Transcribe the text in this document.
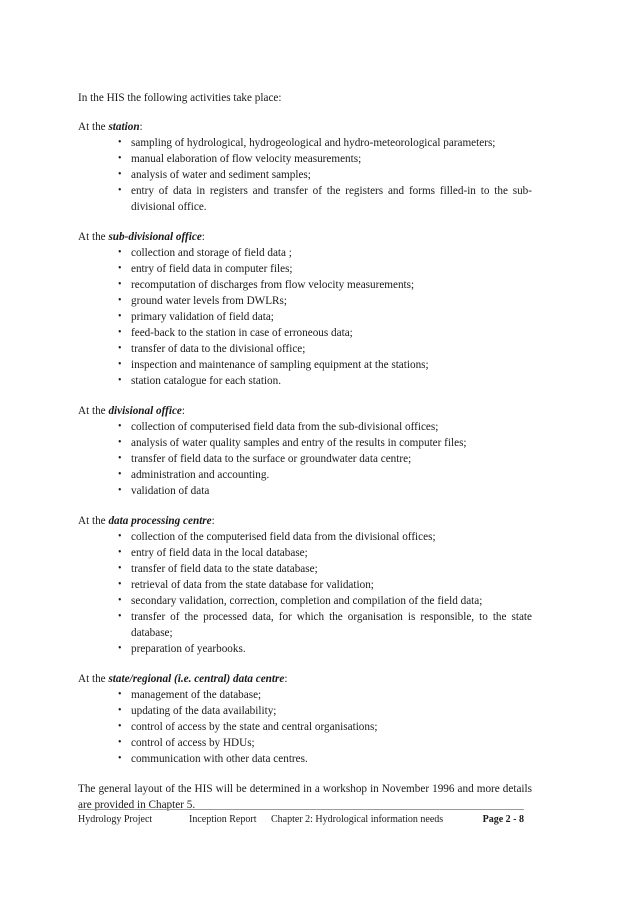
In the HIS the following activities take place:

At the station:

• sampling of hydrological, hydrogeological and hydro-meteorological parameters;
• manual elaboration of flow velocity measurements;
• analysis of water and sediment samples;
• entry of data in registers and transfer of the registers and forms filled-in to the sub-divisional office.

At the sub-divisional office:

• collection and storage of field data ;
• entry of field data in computer files;
• recomputation of discharges from flow velocity measurements;
• ground water levels from DWLRs;
• primary validation of field data;
• feed-back to the station in case of erroneous data;
• transfer of data to the divisional office;
• inspection and maintenance of sampling equipment at the stations;
• station catalogue for each station.

At the divisional office:

• collection of computerised field data from the sub-divisional offices;
• analysis of water quality samples and entry of the results in computer files;
• transfer of field data to the surface or groundwater data centre;
• administration and accounting.
• validation of data

At the data processing centre:

• collection of the computerised field data from the divisional offices;
• entry of field data in the local database;
• transfer of field data to the state database;
• retrieval of data from the state database for validation;
• secondary validation, correction, completion and compilation of the field data;
• transfer of the processed data, for which the organisation is responsible, to the state database;
• preparation of yearbooks.

At the state/regional (i.e. central) data centre:

• management of the database;
• updating of the data availability;
• control of access by the state and central organisations;
• control of access by HDUs;
• communication with other data centres.

The general layout of the HIS will be determined in a workshop in November 1996 and more details are provided in Chapter 5.

Hydrology Project	Inception Report Chapter 2: Hydrological information needs	Page 2 - 8
